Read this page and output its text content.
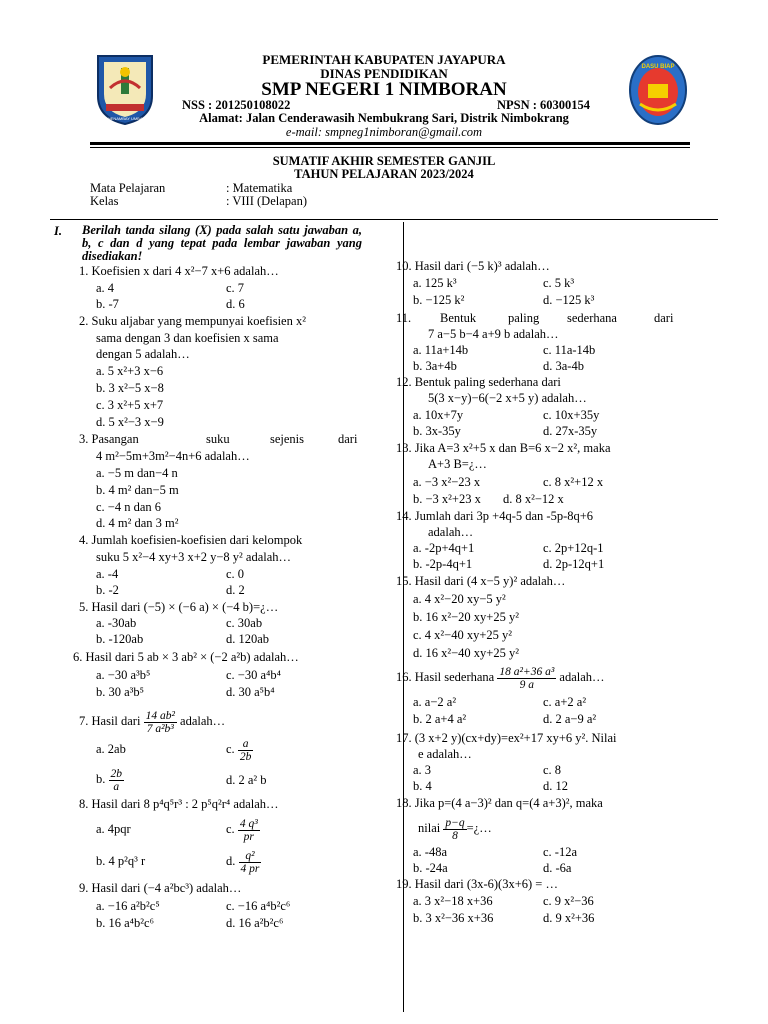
KHENAMBAY UMBAY
DASU BIAP
PEMERINTAH KABUPATEN JAYAPURA
DINAS PENDIDIKAN
SMP NEGERI 1 NIMBORAN
NSS : 201250108022	NPSN : 60300154
Alamat: Jalan Cenderawasih Nembukrang Sari, Distrik Nimbokrang
e-mail: smpneg1nimboran@gmail.com
SUMATIF AKHIR SEMESTER GANJIL
TAHUN PELAJARAN 2023/2024
Mata Pelajaran	: Matematika
Kelas	: VIII (Delapan)
I. Berilah tanda silang (X) pada salah satu jawaban a, b, c dan d yang tepat pada lembar jawaban yang disediakan!
1. Koefisien x dari 4 x²−7 x+6 adalah…
a. 4	c. 7
b. -7	d. 6
2. Suku aljabar yang mempunyai koefisien x²
sama dengan 3 dan koefisien x sama
dengan 5 adalah…
a. 5 x²+3 x−6
b. 3 x²−5 x−8
c. 3 x²+5 x+7
d. 5 x²−3 x−9
3. Pasangan	suku	sejenis	dari
4 m²−5m+3m²−4n+6 adalah…
a. −5 m dan−4 n
b. 4 m² dan−5 m
c. −4 n dan 6
d. 4 m² dan 3 m²
4. Jumlah koefisien-koefisien dari kelompok
suku 5 x²−4 xy+3 x+2 y−8 y² adalah…
a. -4	c. 0
b. -2	d. 2
5. Hasil dari (−5) × (−6 a) × (−4 b)=¿…
a. -30ab	c. 30ab
b. -120ab	d. 120ab
6. Hasil dari 5 ab × 3 ab² × (−2 a²b) adalah…
a. −30 a³b⁵	c. −30 a⁴b⁴
b. 30 a³b⁵	d. 30 a⁵b⁴
7. Hasil dari $\frac{\text{14 ab²}}{\text{7 a²b³}}$ adalah…
a. 2ab	c. $\frac{a}{2b}$
b. $\frac{2b}{a}$	d. 2 a² b
8. Hasil dari 8 p⁴q⁵r³ : 2 p⁵q²r⁴ adalah…
a. 4pqr	c. $\frac{\text{4 q³}}{pr}$
b. 4 p²q³ r	d. $\frac{\text{q²}}{4 pr}$
9. Hasil dari (−4 a²bc³) adalah…
a. −16 a²b²c⁵	c. −16 a⁴b²c⁶
b. 16 a⁴b²c⁶	d. 16 a²b²c⁶
10. Hasil dari (−5 k)³ adalah…
a. 125 k³	c. 5 k³
b. −125 k²	d. −125 k³
11. Bentuk	paling sederhana	dari
7 a−5 b−4 a+9 b adalah…
a. 11a+14b	c. 11a-14b
b. 3a+4b	d. 3a-4b
12. Bentuk paling sederhana dari
5(3 x−y)−6(−2 x+5 y) adalah…
a. 10x+7y	c. 10x+35y
b. 3x-35y	d. 27x-35y
13. Jika A=3 x²+5 x dan B=6 x−2 x², maka
A+3 B=¿…
a. −3 x²−23 x	c. 8 x²+12 x
b. −3 x²+23 x d. 8 x²−12 x
14. Jumlah dari 3p +4q-5 dan -5p-8q+6
adalah…
a. -2p+4q+1	c. 2p+12q-1
b. -2p-4q+1	d. 2p-12q+1
15. Hasil dari (4 x−5 y)² adalah…
a. 4 x²−20 xy−5 y²
b. 16 x²−20 xy+25 y²
c. 4 x²−40 xy+25 y²
d. 16 x²−40 xy+25 y²
16. Hasil sederhana $\frac{\text{18 a²+36 a³}}{9 a}$ adalah…
a. a−2 a²	c. a+2 a²
b. 2 a+4 a²	d. 2 a−9 a²
17. (3 x+2 y)(cx+dy)=ex²+17 xy+6 y². Nilai
e adalah…
a. 3	c. 8
b. 4	d. 12
18. Jika p=(4 a−3)² dan q=(4 a+3)², maka
nilai $\frac{p-q}{8}$ =¿…
a. -48a	c. -12a
b. -24a	d. -6a
19. Hasil dari (3x-6)(3x+6) = …
a. 3 x²−18 x+36	c. 9 x²−36
b. 3 x²−36 x+36	d. 9 x²+36
